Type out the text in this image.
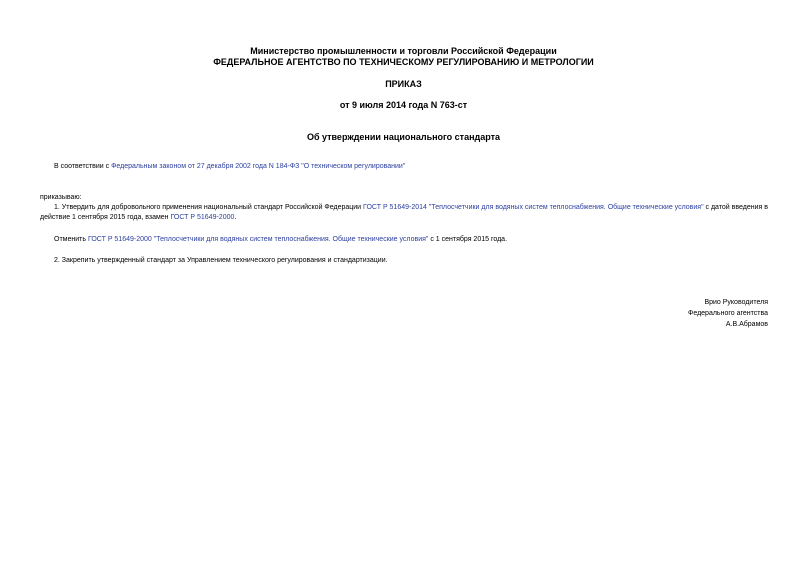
Министерство промышленности и торговли Российской Федерации
ФЕДЕРАЛЬНОЕ АГЕНТСТВО ПО ТЕХНИЧЕСКОМУ РЕГУЛИРОВАНИЮ И МЕТРОЛОГИИ
ПРИКАЗ
от 9 июля 2014 года N 763-ст
Об утверждении национального стандарта
В соответствии с Федеральным законом от 27 декабря 2002 года N 184-ФЗ "О техническом регулировании"
приказываю:
1. Утвердить для добровольного применения национальный стандарт Российской Федерации ГОСТ Р 51649-2014 "Теплосчетчики для водяных систем теплоснабжения. Общие технические условия" с датой введения в действие 1 сентября 2015 года, взамен ГОСТ Р 51649-2000.
Отменить ГОСТ Р 51649-2000 "Теплосчетчики для водяных систем теплоснабжения. Общие технические условия" с 1 сентября 2015 года.
2. Закрепить утвержденный стандарт за Управлением технического регулирования и стандартизации.
Врио Руководителя
Федерального агентства
А.В.Абрамов
